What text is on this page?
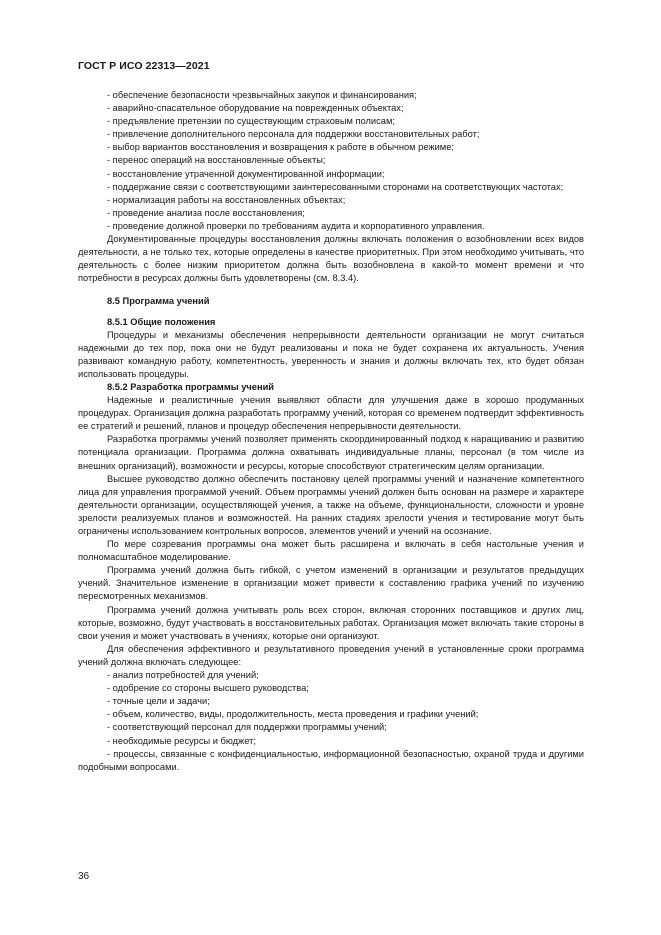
ГОСТ Р ИСО 22313—2021

- обеспечение безопасности чрезвычайных закупок и финансирования;

- аварийно-спасательное оборудование на поврежденных объектах;

- предъявление претензии по существующим страховым полисам;

- привлечение дополнительного персонала для поддержки восстановительных работ;

- выбор вариантов восстановления и возвращения к работе в обычном режиме;

- перенос операций на восстановленные объекты;

- восстановление утраченной документированной информации;

- поддержание связи с соответствующими заинтересованными сторонами на соответствующих частотах;

- нормализация работы на восстановленных объектах;

- проведение анализа после восстановления;

- проведение должной проверки по требованиям аудита и корпоративного управления.

Документированные процедуры восстановления должны включать положения о возобновлении всех видов деятельности, а не только тех, которые определены в качестве приоритетных. При этом необходимо учитывать, что деятельность с более низким приоритетом должна быть возобновлена в какой-то момент времени и что потребности в ресурсах должны быть удовлетворены (см. 8.3.4).

8.5 Программа учений

8.5.1 Общие положения

Процедуры и механизмы обеспечения непрерывности деятельности организации не могут считаться надежными до тех пор, пока они не будут реализованы и пока не будет сохранена их актуальность. Учения развивают командную работу, компетентность, уверенность и знания и должны включать тех, кто будет обязан использовать процедуры.

8.5.2 Разработка программы учений

Надежные и реалистичные учения выявляют области для улучшения даже в хорошо продуманных процедурах. Организация должна разработать программу учений, которая со временем подтвердит эффективность ее стратегий и решений, планов и процедур обеспечения непрерывности деятельности.

Разработка программы учений позволяет применять скоординированный подход к наращиванию и развитию потенциала организации. Программа должна охватывать индивидуальные планы, персонал (в том числе из внешних организаций), возможности и ресурсы, которые способствуют стратегическим целям организации.

Высшее руководство должно обеспечить постановку целей программы учений и назначение компетентного лица для управления программой учений. Объем программы учений должен быть основан на размере и характере деятельности организации, осуществляющей учения, а также на объеме, функциональности, сложности и уровне зрелости реализуемых планов и возможностей. На ранних стадиях зрелости учения и тестирование могут быть ограничены использованием контрольных вопросов, элементов учений и учений на осознание.

По мере созревания программы она может быть расширена и включать в себя настольные учения и полномасштабное моделирование.

Программа учений должна быть гибкой, с учетом изменений в организации и результатов предыдущих учений. Значительное изменение в организации может привести к составлению графика учений по изучению пересмотренных механизмов.

Программа учений должна учитывать роль всех сторон, включая сторонних поставщиков и других лиц, которые, возможно, будут участвовать в восстановительных работах. Организация может включать такие стороны в свои учения и может участвовать в учениях, которые они организуют.

Для обеспечения эффективного и результативного проведения учений в установленные сроки программа учений должна включать следующее:

- анализ потребностей для учений;

- одобрение со стороны высшего руководства;

- точные цели и задачи;

- объем, количество, виды, продолжительность, места проведения и графики учений;

- соответствующий персонал для поддержки программы учений;

- необходимые ресурсы и бюджет;

- процессы, связанные с конфиденциальностью, информационной безопасностью, охраной труда и другими подобными вопросами.

36
